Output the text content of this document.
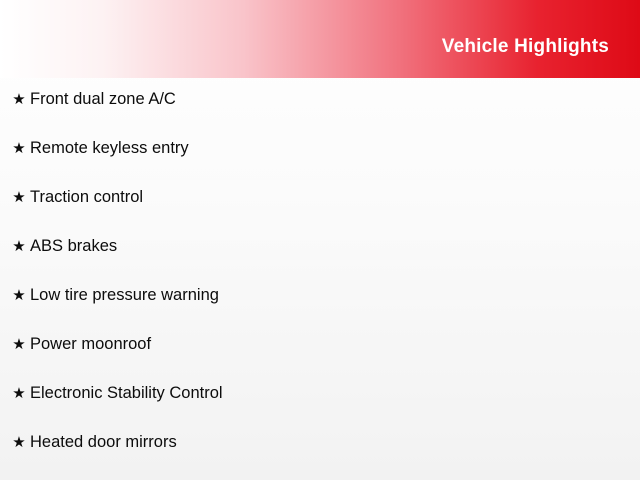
Vehicle Highlights
★ Front dual zone A/C
★ Remote keyless entry
★ Traction control
★ ABS brakes
★ Low tire pressure warning
★ Power moonroof
★ Electronic Stability Control
★ Heated door mirrors
